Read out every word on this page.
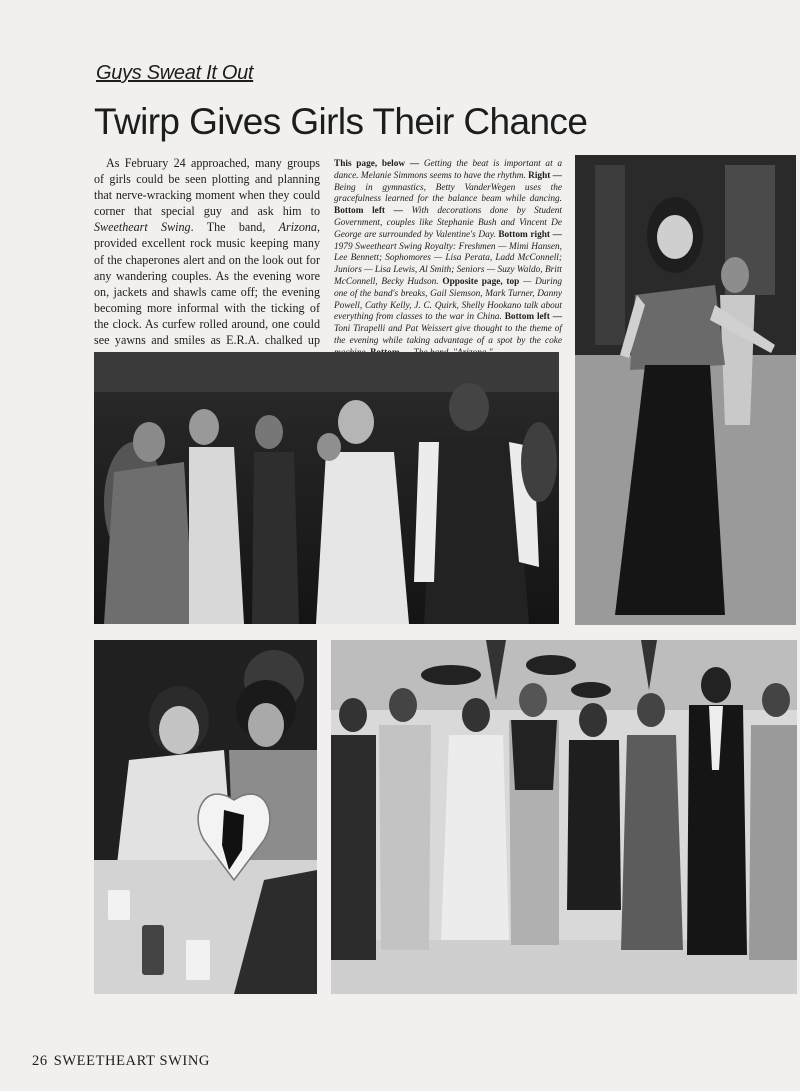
Guys Sweat It Out
Twirp Gives Girls Their Chance

As February 24 approached, many groups of girls could be seen plotting and planning that nerve-wracking moment when they could corner that special guy and ask him to Sweetheart Swing. The band, Arizona, provided excellent rock music keeping many of the chaperones alert and on the look out for any wandering couples. As the evening wore on, jackets and shawls came off; the evening becoming more informal with the ticking of the clock. As curfew rolled around, one could see yawns and smiles as E.R.A. chalked up

This page, below — Getting the beat is important at a dance. Melanie Simmons seems to have the rhythm. Right — Being in gymnastics, Betty VanderWegen uses the gracefulness learned for the balance beam while dancing. Bottom left — With decorations done by Student Government, couples like Stephanie Bush and Vincent De George are surrounded by Valentine's Day. Bottom right — 1979 Sweetheart Swing Royalty: Freshmen — Mimi Hansen, Lee Bennett; Sophomores — Lisa Perata, Ladd McConnell; Juniors — Lisa Lewis, Al Smith; Seniors — Suzy Waldo, Britt McConnell, Becky Hudson. Opposite page, top — During one of the band's breaks, Gail Siemson, Mark Turner, Danny Powell, Cathy Kelly, J. C. Quirk, Shelly Hookano talk about everything from classes to the war in China. Bottom left — Toni Tirapelli and Pat Weissert give thought to the theme of the evening while taking advantage of a spot by the coke

26 SWEETHEART SWING
